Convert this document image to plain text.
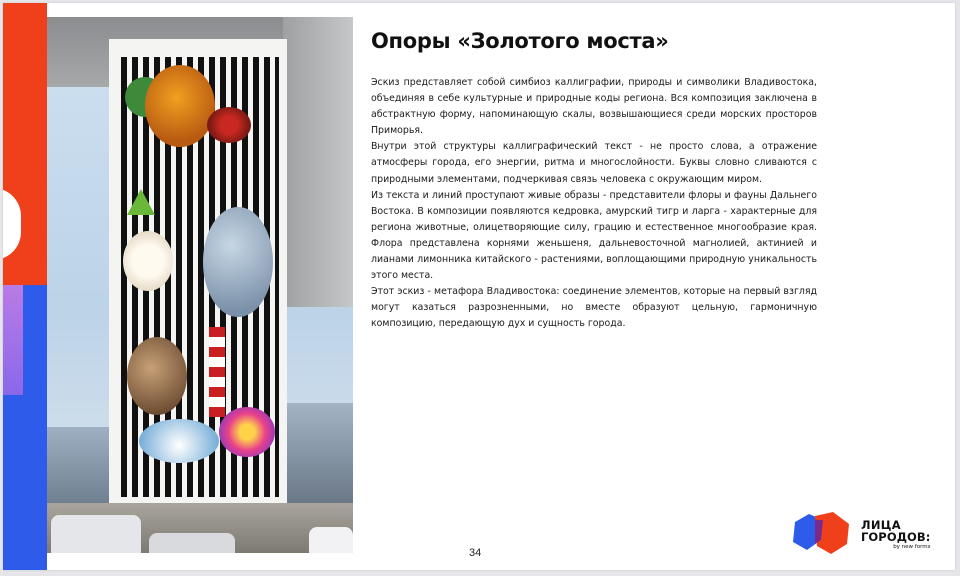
Опоры «Золотого моста»

Эскиз представляет собой симбиоз каллиграфии, природы и символики Владивостока, объединяя в себе культурные и природные коды региона. Вся композиция заключена в абстрактную форму, напоминающую скалы, возвышающиеся среди морских просторов Приморья.

Внутри этой структуры каллиграфический текст - не просто слова, а отражение атмосферы города, его энергии, ритма и многослойности. Буквы словно сливаются с природными элементами, подчеркивая связь человека с окружающим миром.

Из текста и линий проступают живые образы - представители флоры и фауны Дальнего Востока. В композиции появляются кедровка, амурский тигр и ларга - характерные для региона животные, олицетворяющие силу, грацию и естественное многообразие края. Флора представлена корнями женьшеня, дальневосточной магнолией, актинией и лианами лимонника китайского - растениями, воплощающими природную уникальность этого места.

Этот эскиз - метафора Владивостока: соединение элементов, которые на первый взгляд могут казаться разрозненными, но вместе образуют цельную, гармоничную композицию, передающую дух и сущность города.

34
ЛИЦА
ГОРОДОВ:
by new forms
